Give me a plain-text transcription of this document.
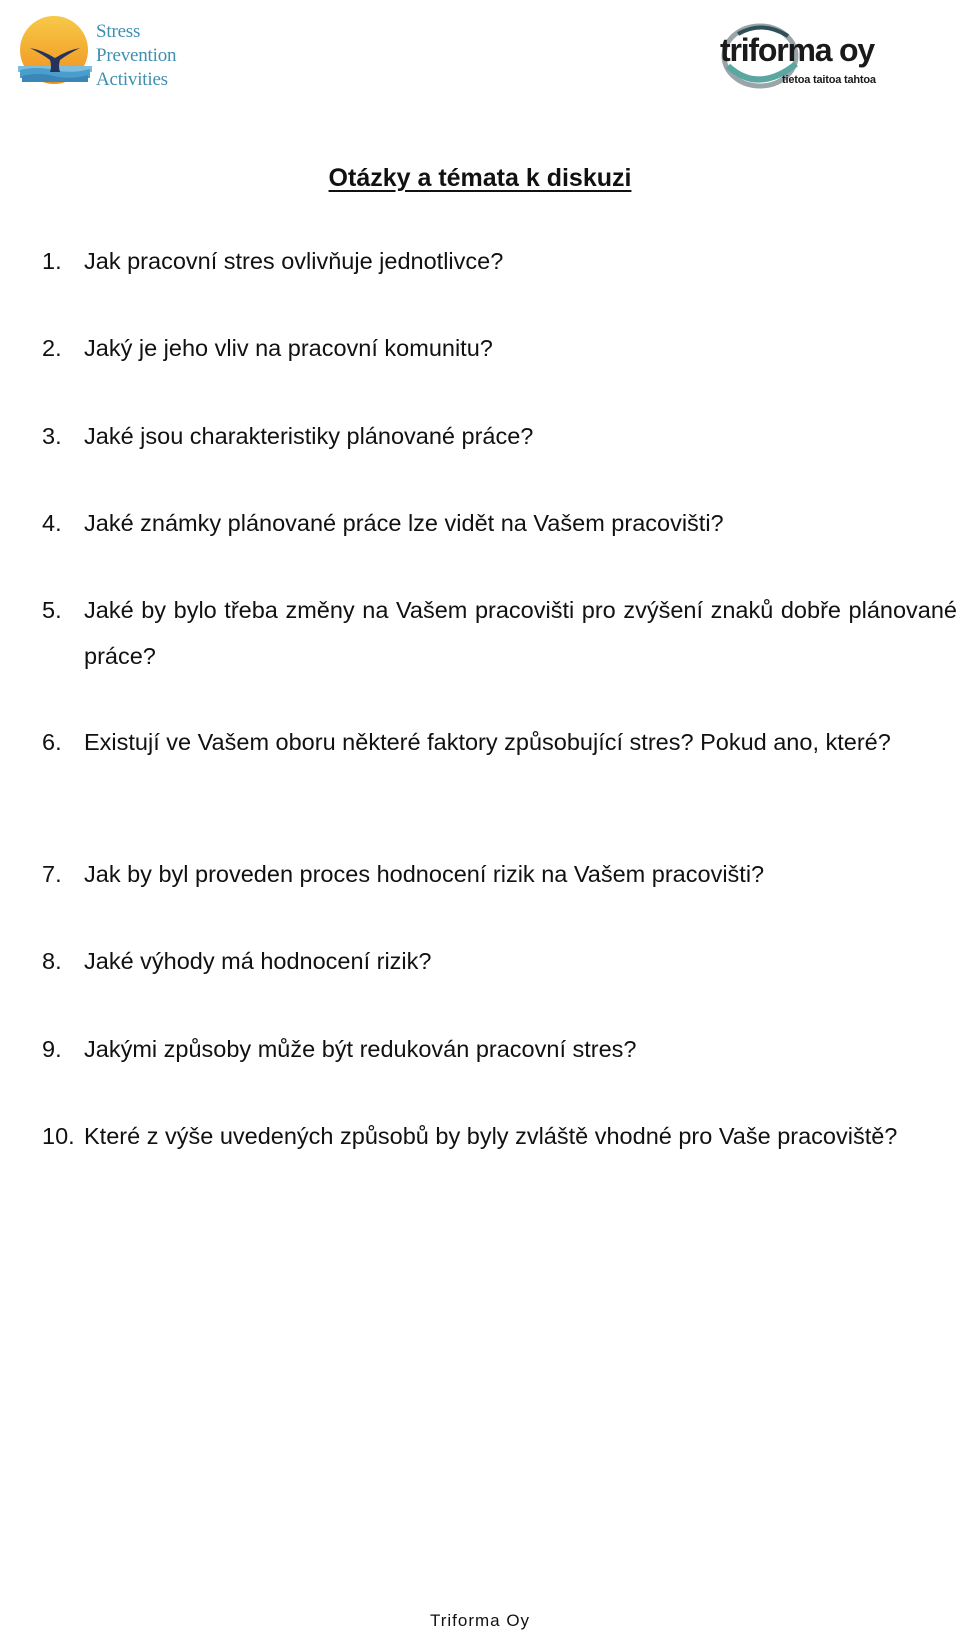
Stress
Prevention
Activities
triforma oy
tietoa taitoa tahtoa
Otázky a témata k diskuzi
1. Jak pracovní stres ovlivňuje jednotlivce?
2. Jaký je jeho vliv na pracovní komunitu?
3. Jaké jsou charakteristiky plánované práce?
4. Jaké známky plánované práce lze vidět na Vašem pracovišti?
5. Jaké by bylo třeba změny na Vašem pracovišti pro zvýšení znaků dobře plánované práce?
6. Existují ve Vašem oboru některé faktory způsobující stres? Pokud ano, které?
7. Jak by byl proveden proces hodnocení rizik na Vašem pracovišti?
8. Jaké výhody má hodnocení rizik?
9. Jakými způsoby může být redukován pracovní stres?
10. Které z výše uvedených způsobů by byly zvláště vhodné pro Vaše pracoviště?
Triforma Oy
